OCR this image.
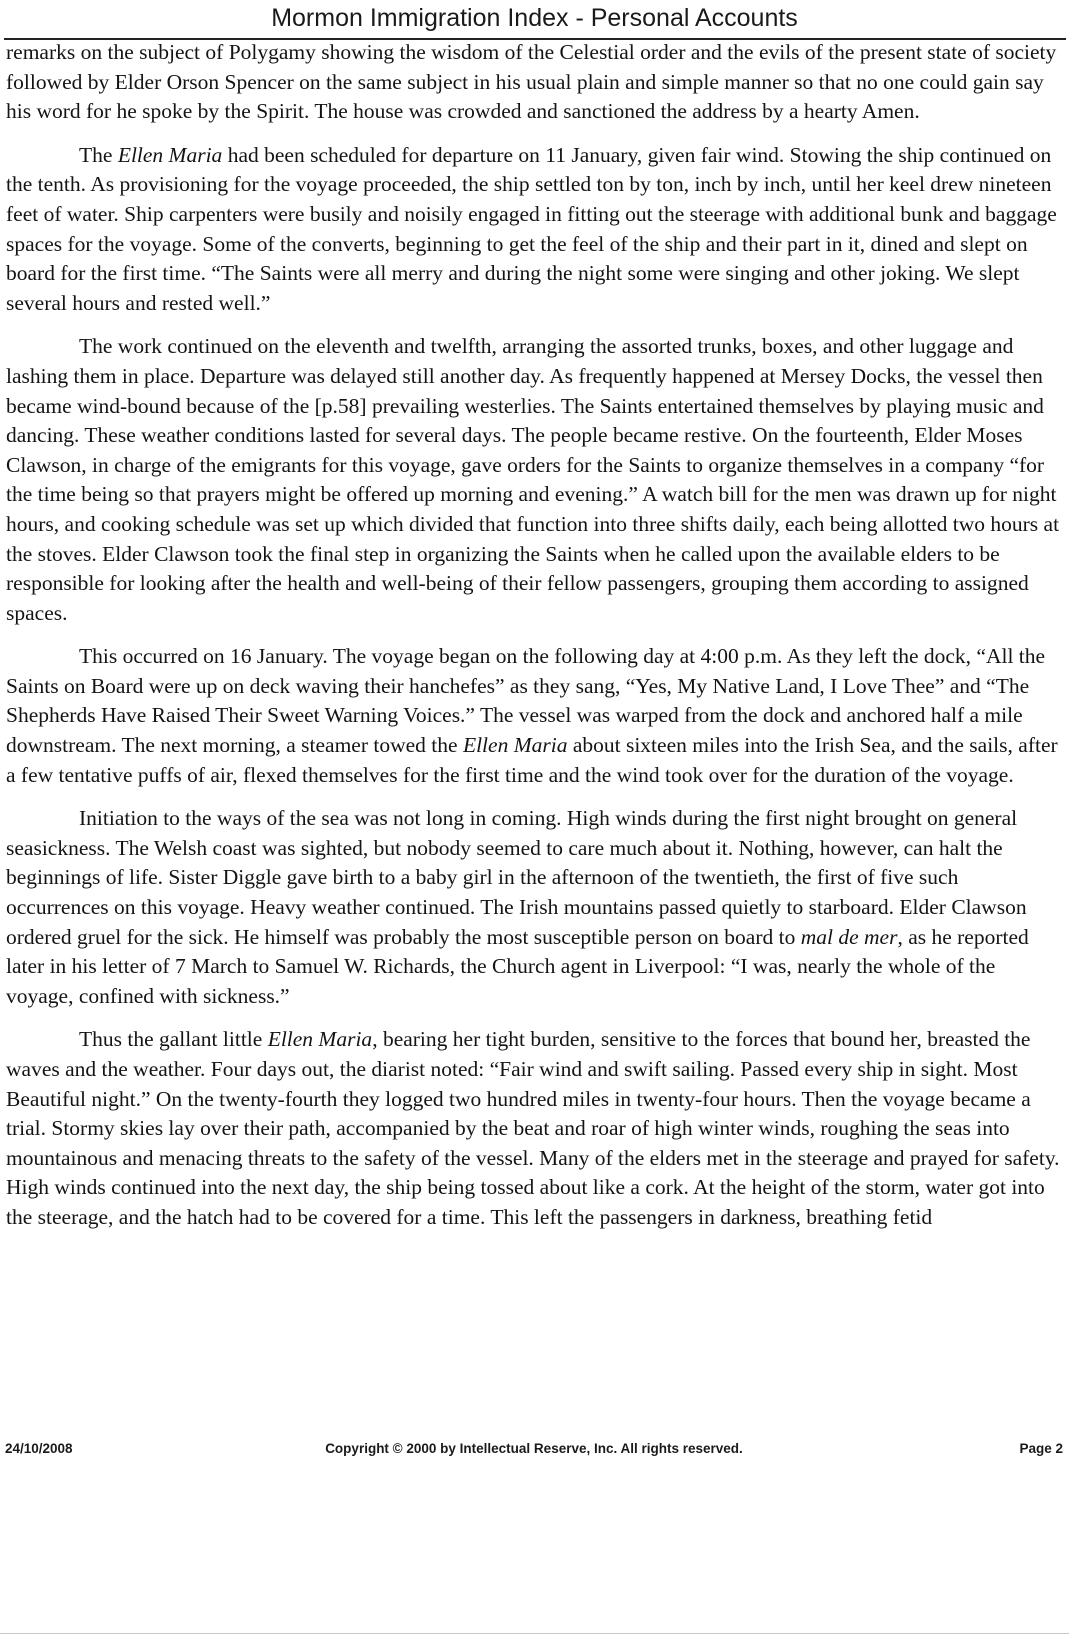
Mormon Immigration Index - Personal Accounts

remarks on the subject of Polygamy showing the wisdom of the Celestial order and the evils of the present state of society followed by Elder Orson Spencer on the same subject in his usual plain and simple manner so that no one could gain say his word for he spoke by the Spirit. The house was crowded and sanctioned the address by a hearty Amen.

The Ellen Maria had been scheduled for departure on 11 January, given fair wind. Stowing the ship continued on the tenth. As provisioning for the voyage proceeded, the ship settled ton by ton, inch by inch, until her keel drew nineteen feet of water. Ship carpenters were busily and noisily engaged in fitting out the steerage with additional bunk and baggage spaces for the voyage. Some of the converts, beginning to get the feel of the ship and their part in it, dined and slept on board for the first time. “The Saints were all merry and during the night some were singing and other joking. We slept several hours and rested well.”

The work continued on the eleventh and twelfth, arranging the assorted trunks, boxes, and other luggage and lashing them in place. Departure was delayed still another day. As frequently happened at Mersey Docks, the vessel then became wind-bound because of the [p.58] prevailing westerlies. The Saints entertained themselves by playing music and dancing. These weather conditions lasted for several days. The people became restive. On the fourteenth, Elder Moses Clawson, in charge of the emigrants for this voyage, gave orders for the Saints to organize themselves in a company “for the time being so that prayers might be offered up morning and evening.” A watch bill for the men was drawn up for night hours, and cooking schedule was set up which divided that function into three shifts daily, each being allotted two hours at the stoves. Elder Clawson took the final step in organizing the Saints when he called upon the available elders to be responsible for looking after the health and well-being of their fellow passengers, grouping them according to assigned spaces.

This occurred on 16 January. The voyage began on the following day at 4:00 p.m. As they left the dock, “All the Saints on Board were up on deck waving their hanchefes” as they sang, “Yes, My Native Land, I Love Thee” and “The Shepherds Have Raised Their Sweet Warning Voices.” The vessel was warped from the dock and anchored half a mile downstream. The next morning, a steamer towed the Ellen Maria about sixteen miles into the Irish Sea, and the sails, after a few tentative puffs of air, flexed themselves for the first time and the wind took over for the duration of the voyage.

Initiation to the ways of the sea was not long in coming. High winds during the first night brought on general seasickness. The Welsh coast was sighted, but nobody seemed to care much about it. Nothing, however, can halt the beginnings of life. Sister Diggle gave birth to a baby girl in the afternoon of the twentieth, the first of five such occurrences on this voyage. Heavy weather continued. The Irish mountains passed quietly to starboard. Elder Clawson ordered gruel for the sick. He himself was probably the most susceptible person on board to mal de mer, as he reported later in his letter of 7 March to Samuel W. Richards, the Church agent in Liverpool: “I was, nearly the whole of the voyage, confined with sickness.”

Thus the gallant little Ellen Maria, bearing her tight burden, sensitive to the forces that bound her, breasted the waves and the weather. Four days out, the diarist noted: “Fair wind and swift sailing. Passed every ship in sight. Most Beautiful night.” On the twenty-fourth they logged two hundred miles in twenty-four hours. Then the voyage became a trial. Stormy skies lay over their path, accompanied by the beat and roar of high winter winds, roughing the seas into mountainous and menacing threats to the safety of the vessel. Many of the elders met in the steerage and prayed for safety. High winds continued into the next day, the ship being tossed about like a cork. At the height of the storm, water got into the steerage, and the hatch had to be covered for a time. This left the passengers in darkness, breathing fetid

24/10/2008	Copyright © 2000 by Intellectual Reserve, Inc. All rights reserved.	Page 2
